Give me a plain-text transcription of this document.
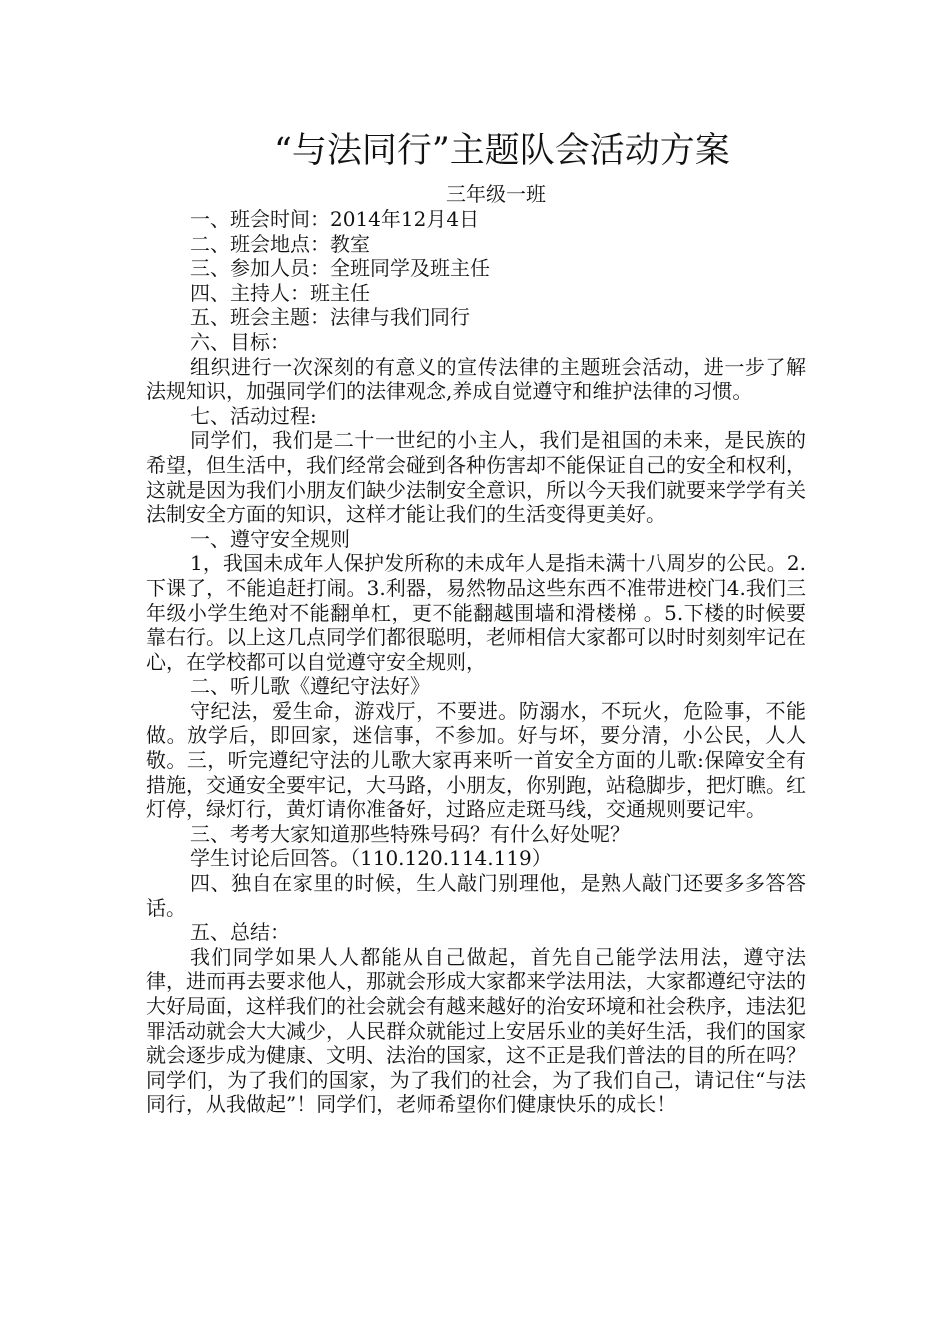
“与法同行”主题队会活动方案
三年级一班
一、班会时间：2014年12月4日
二、班会地点：教室
三、参加人员：全班同学及班主任
四、主持人：班主任
五、班会主题：法律与我们同行
六、目标：
组织进行一次深刻的有意义的宣传法律的主题班会活动，进一步了解法规知识，加强同学们的法律观念,养成自觉遵守和维护法律的习惯。
七、活动过程:
同学们，我们是二十一世纪的小主人，我们是祖国的未来，是民族的希望，但生活中，我们经常会碰到各种伤害却不能保证自己的安全和权利，这就是因为我们小朋友们缺少法制安全意识，所以今天我们就要来学学有关法制安全方面的知识，这样才能让我们的生活变得更美好。
一、遵守安全规则
1，我国未成年人保护发所称的未成年人是指未满十八周岁的公民。2.下课了，不能追赶打闹。3.利器，易然物品这些东西不准带进校门4.我们三年级小学生绝对不能翻单杠，更不能翻越围墙和滑楼梯 。5.下楼的时候要靠右行。以上这几点同学们都很聪明，老师相信大家都可以时时刻刻牢记在心，在学校都可以自觉遵守安全规则，
二、听儿歌《遵纪守法好》
守纪法，爱生命，游戏厅，不要进。防溺水，不玩火，危险事，不能做。放学后，即回家，迷信事，不参加。好与坏，要分清，小公民，人人敬。三，听完遵纪守法的儿歌大家再来听一首安全方面的儿歌:保障安全有措施，交通安全要牢记，大马路，小朋友，你别跑，站稳脚步，把灯瞧。红灯停，绿灯行，黄灯请你准备好，过路应走斑马线，交通规则要记牢。
三、考考大家知道那些特殊号码？有什么好处呢？
学生讨论后回答。（110.120.114.119）
四、独自在家里的时候，生人敲门别理他，是熟人敲门还要多多答答话。
五、总结：
我们同学如果人人都能从自己做起，首先自己能学法用法，遵守法律，进而再去要求他人，那就会形成大家都来学法用法，大家都遵纪守法的大好局面，这样我们的社会就会有越来越好的治安环境和社会秩序，违法犯罪活动就会大大减少，人民群众就能过上安居乐业的美好生活，我们的国家就会逐步成为健康、文明、法治的国家，这不正是我们普法的目的所在吗？　　同学们，为了我们的国家，为了我们的社会，为了我们自己，请记住“与法同行，从我做起”！同学们，老师希望你们健康快乐的成长！
